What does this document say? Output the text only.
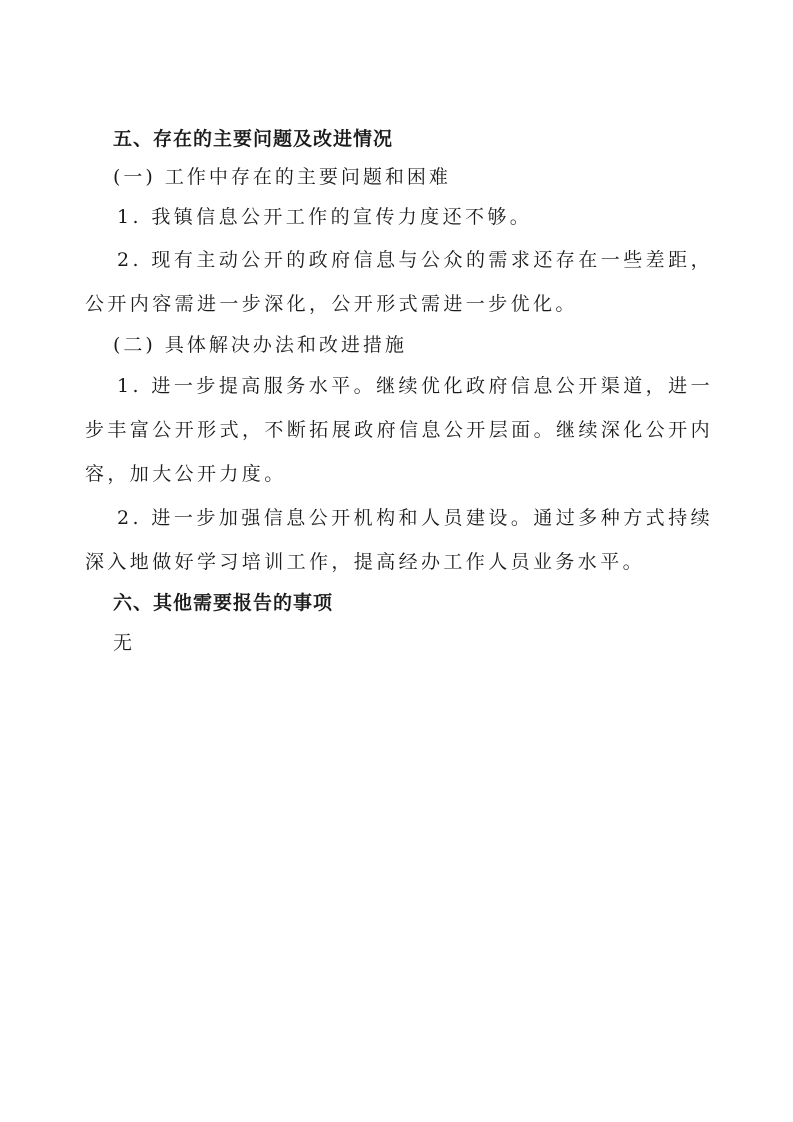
五、存在的主要问题及改进情况

(一) 工作中存在的主要问题和困难

1. 我镇信息公开工作的宣传力度还不够。

2. 现有主动公开的政府信息与公众的需求还存在一些差距，公开内容需进一步深化，公开形式需进一步优化。

(二) 具体解决办法和改进措施

1. 进一步提高服务水平。继续优化政府信息公开渠道，进一步丰富公开形式，不断拓展政府信息公开层面。继续深化公开内容，加大公开力度。

2. 进一步加强信息公开机构和人员建设。通过多种方式持续深入地做好学习培训工作，提高经办工作人员业务水平。

六、其他需要报告的事项

无
